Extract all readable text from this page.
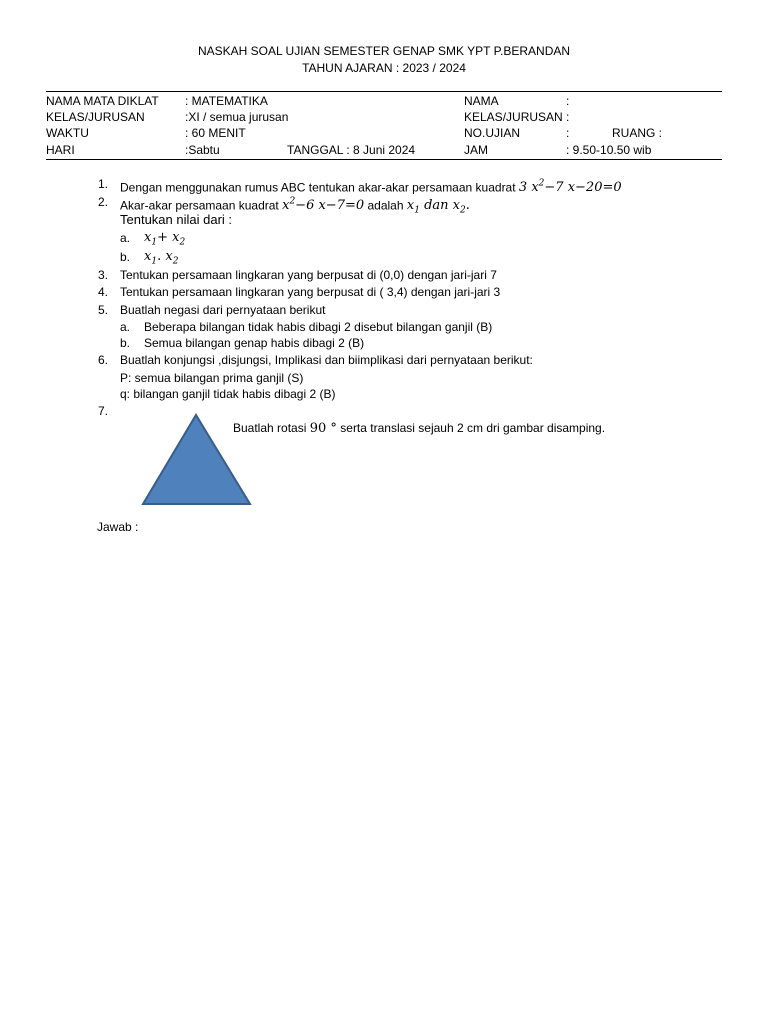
NASKAH SOAL UJIAN SEMESTER GENAP SMK YPT P.BERANDAN
TAHUN AJARAN : 2023 / 2024
NAMA MATA DIKLAT : MATEMATIKA	NAMA	:
KELAS/JURUSAN	:XI / semua jurusan	KELAS/JURUSAN :
WAKTU	: 60 MENIT	NO.UJIAN	:	RUANG :
HARI	:Sabtu	TANGGAL : 8 Juni 2024	JAM	: 9.50-10.50 wib
1. Dengan menggunakan rumus ABC tentukan akar-akar persamaan kuadrat 3 $x^2-7$ x−20=0
2. Akar-akar persamaan kuadrat $x^2-6$ x−7=0 adalah $x_1$ dan $x_2$.
Tentukan nilai dari :
a. $x_1+ x_2$
b. $x_1$. $x_2$
3. Tentukan persamaan lingkaran yang berpusat di (0,0) dengan jari-jari 7
4. Tentukan persamaan lingkaran yang berpusat di ( 3,4) dengan jari-jari 3
5. Buatlah negasi dari pernyataan berikut
a. Beberapa bilangan tidak habis dibagi 2 disebut bilangan ganjil (B)
b. Semua bilangan genap habis dibagi 2 (B)
6. Buatlah konjungsi ,disjungsi, Implikasi dan biimplikasi dari pernyataan berikut:
P: semua bilangan prima ganjil (S)
q: bilangan ganjil tidak habis dibagi 2 (B)
7.
Buatlah rotasi 90 ° serta translasi sejauh 2 cm dri gambar disamping.
Jawab :
